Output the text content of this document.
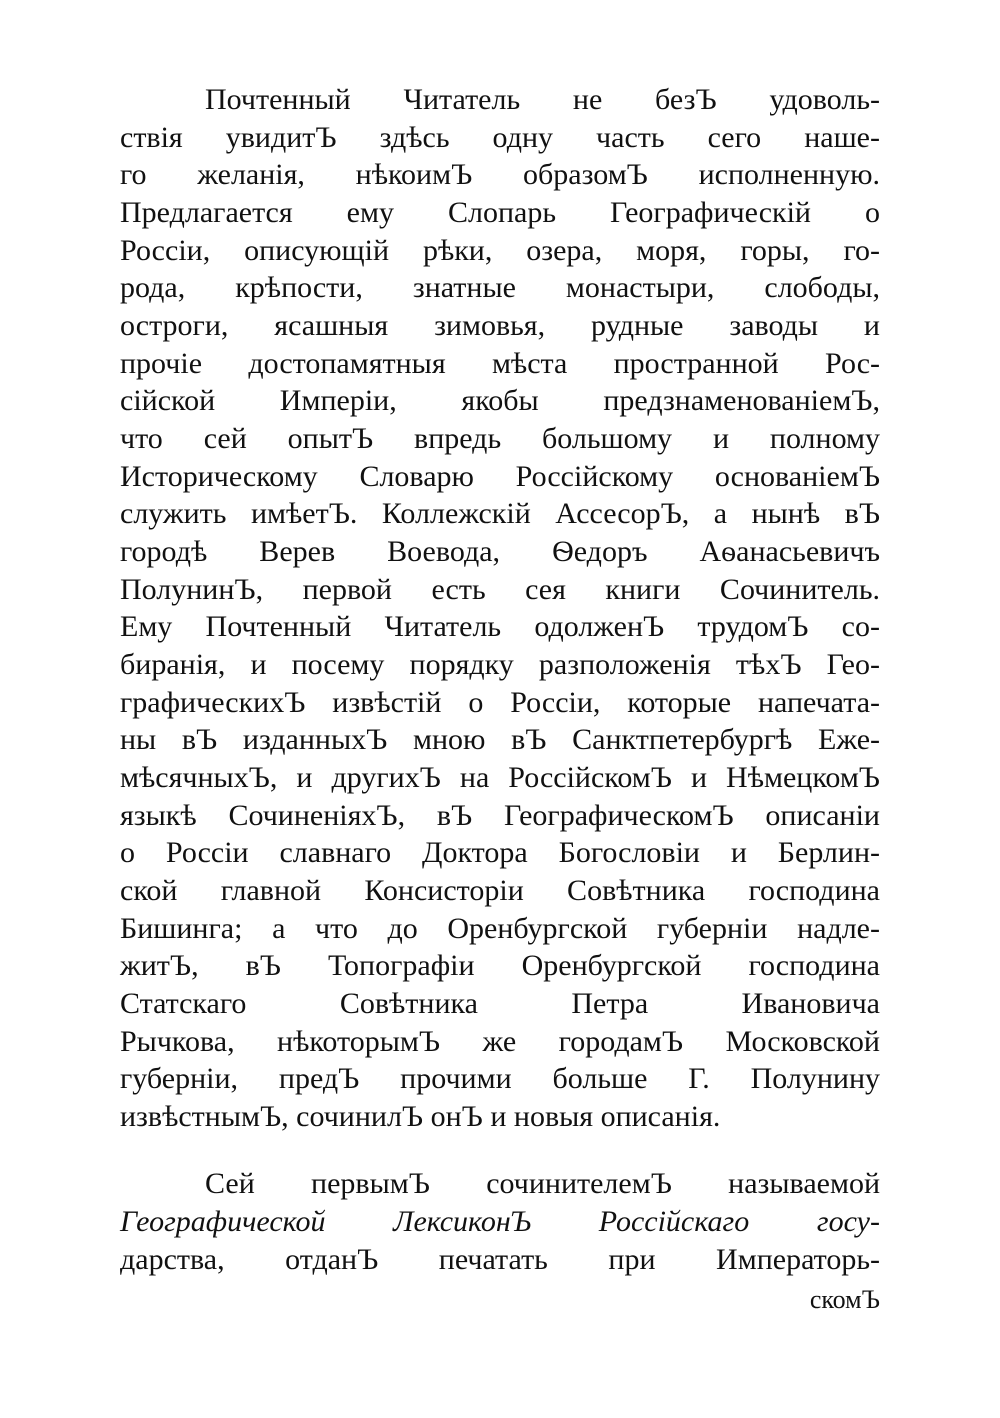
Почтенный Читатель не безЪ удоволь-
ствія увидитЪ здѣсь одну часть сего наше-
го желанія, нѣкоимЪ образомЪ исполненную.
Предлагается ему Слопарь Географическій о
Россіи, описующій рѣки, озера, моря, горы, го-
рода, крѣпости, знатные монастыри, слободы,
остроги, ясашныя зимовья, рудные заводы и
прочіе достопамятныя мѣста пространной Рос-
сійской Имперіи, якобы предзнаменованіемЪ,
что сей опытЪ впредь большому и полному
Историческому Словарю Россійскому основаніемЪ
служить имѣетЪ. Коллежскій АссесорЪ, а нынѣ вЪ
городѣ Верев Воевода, Ѳедоръ Аѳанасьевичъ
ПолунинЪ, первой есть сея книги Сочинитель.
Ему Почтенный Читатель одолженЪ трудомЪ со-
биранія, и посему порядку разположенія тѣхЪ Гео-
графическихЪ извѣстій о Россіи, которые напечата-
ны вЪ изданныхЪ мною вЪ Санктпетербургѣ Еже-
мѣсячныхЪ, и другихЪ на РоссійскомЪ и НѣмецкомЪ
языкѣ СочиненіяхЪ, вЪ ГеографическомЪ описаніи
о Россіи славнаго Доктора Богословіи и Берлин-
ской главной Консисторіи Совѣтника господина
Бишинга; а что до Оренбургской губерніи надле-
житЪ, вЪ Топографіи Оренбургской господина
Статскаго Совѣтника Петра Ивановича
Рычкова, нѣкоторымЪ же городамЪ Московской
губерніи, предЪ прочими больше Г. Полунину
извѣстнымЪ, сочинилЪ онЪ и новыя описанія.
Сей первымЪ сочинителемЪ называемой
Географической ЛексиконЪ Россійскаго госу-
дарства, отданЪ печатать при Императорь-
скомЪ
